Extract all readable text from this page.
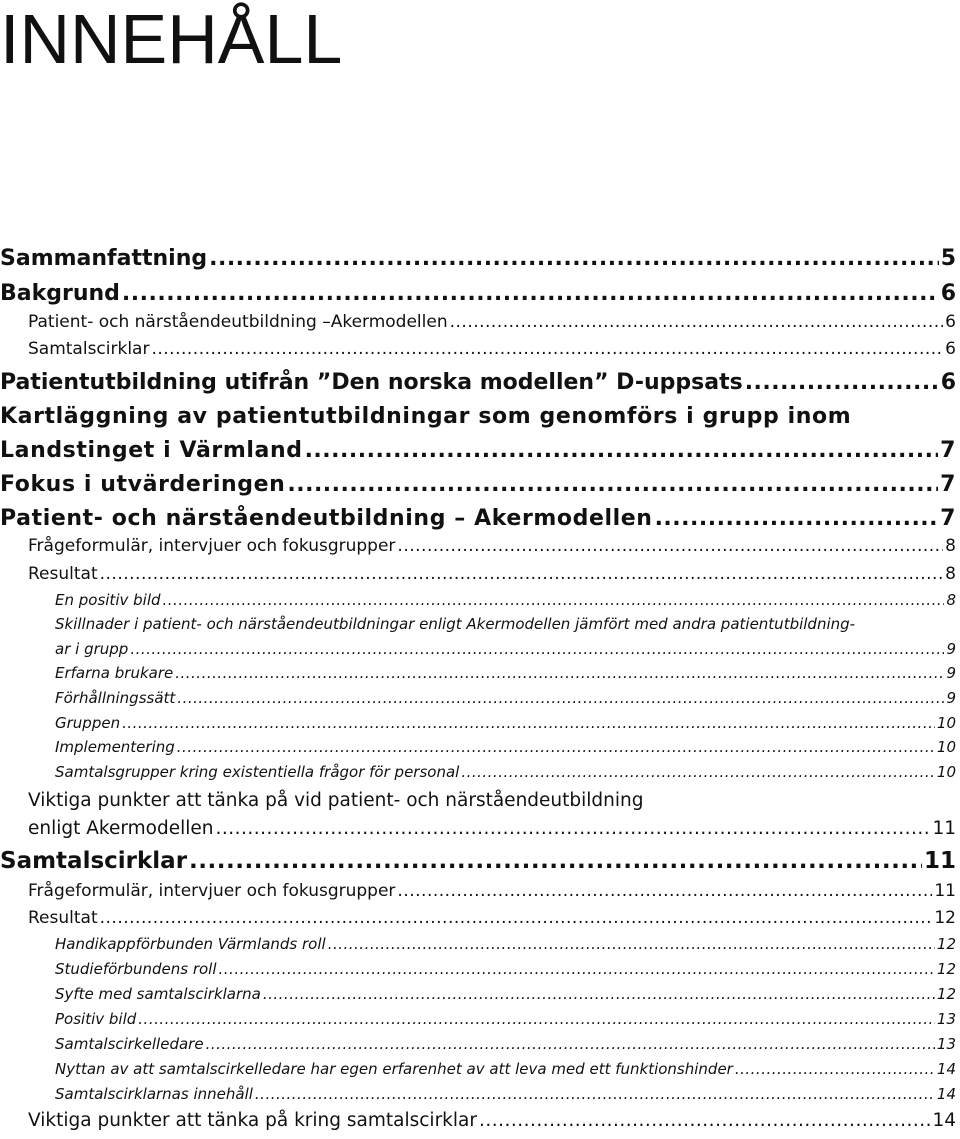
INNEHÅLL
Sammanfattning .....	5
Bakgrund .....	6
Patient- och närståendeutbildning –Akermodellen .....	6
Samtalscirklar .....	6
Patientutbildning utifrån ”Den norska modellen” D-uppsats .....	6
Kartläggning av patientutbildningar som genomförs i grupp inom
Landstinget i Värmland .....	7
Fokus i utvärderingen .....	7
Patient- och närståendeutbildning – Akermodellen .....	7
Frågeformulär, intervjuer och fokusgrupper .....	8
Resultat .....	8
En positiv bild .....	8
Skillnader i patient- och närståendeutbildningar enligt Akermodellen jämfört med andra patientutbildning-
ar i grupp .....	9
Erfarna brukare .....	9
Förhållningssätt .....	9
Gruppen .....	10
Implementering .....	10
Samtalsgrupper kring existentiella frågor för personal .....	10
Viktiga punkter att tänka på vid patient- och närståendeutbildning
enligt Akermodellen .....	11
Samtalscirklar .....	11
Frågeformulär, intervjuer och fokusgrupper .....	11
Resultat .....	12
Handikappförbunden Värmlands roll .....	12
Studieförbundens roll .....	12
Syfte med samtalscirklarna .....	12
Positiv bild .....	13
Samtalscirkelledare .....	13
Nyttan av att samtalscirkelledare har egen erfarenhet av att leva med ett funktionshinder .....	14
Samtalscirklarnas innehåll .....	14
Viktiga punkter att tänka på kring samtalscirklar .....	14
